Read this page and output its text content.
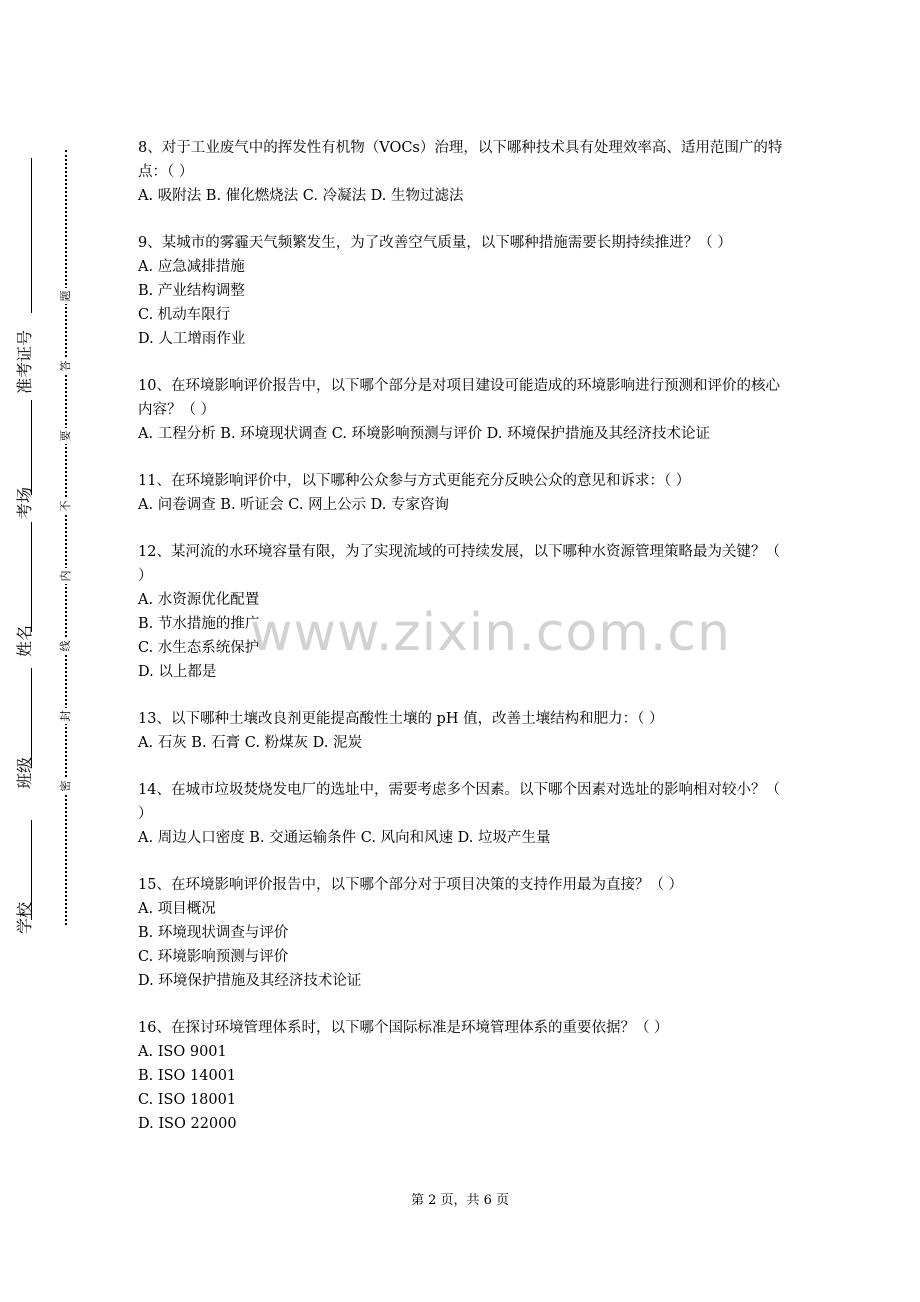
学校
班级
姓名
考场
准考证号
题
答
要
不
内
线
封
密

8、对于工业废气中的挥发性有机物（VOCs）治理，以下哪种技术具有处理效率高、适用范围广的特点：（ ）

A. 吸附法 B. 催化燃烧法 C. 冷凝法 D. 生物过滤法

9、某城市的雾霾天气频繁发生，为了改善空气质量，以下哪种措施需要长期持续推进？（ ）

A. 应急减排措施

B. 产业结构调整

C. 机动车限行

D. 人工增雨作业

10、在环境影响评价报告中，以下哪个部分是对项目建设可能造成的环境影响进行预测和评价的核心内容？（ ）

A. 工程分析 B. 环境现状调查 C. 环境影响预测与评价 D. 环境保护措施及其经济技术论证

11、在环境影响评价中，以下哪种公众参与方式更能充分反映公众的意见和诉求：（ ）

A. 问卷调查 B. 听证会 C. 网上公示 D. 专家咨询

12、某河流的水环境容量有限，为了实现流域的可持续发展，以下哪种水资源管理策略最为关键？（ ）

A. 水资源优化配置

B. 节水措施的推广

C. 水生态系统保护

D. 以上都是

13、以下哪种土壤改良剂更能提高酸性土壤的 pH 值，改善土壤结构和肥力：（ ）

A. 石灰 B. 石膏 C. 粉煤灰 D. 泥炭

14、在城市垃圾焚烧发电厂的选址中，需要考虑多个因素。以下哪个因素对选址的影响相对较小？（ ）

A. 周边人口密度 B. 交通运输条件 C. 风向和风速 D. 垃圾产生量

15、在环境影响评价报告中，以下哪个部分对于项目决策的支持作用最为直接？（ ）

A. 项目概况

B. 环境现状调查与评价

C. 环境影响预测与评价

D. 环境保护措施及其经济技术论证

16、在探讨环境管理体系时，以下哪个国际标准是环境管理体系的重要依据？（ ）

A. ISO 9001

B. ISO 14001

C. ISO 18001

D. ISO 22000

www.zixin.com.cn
第 2 页，共 6 页
